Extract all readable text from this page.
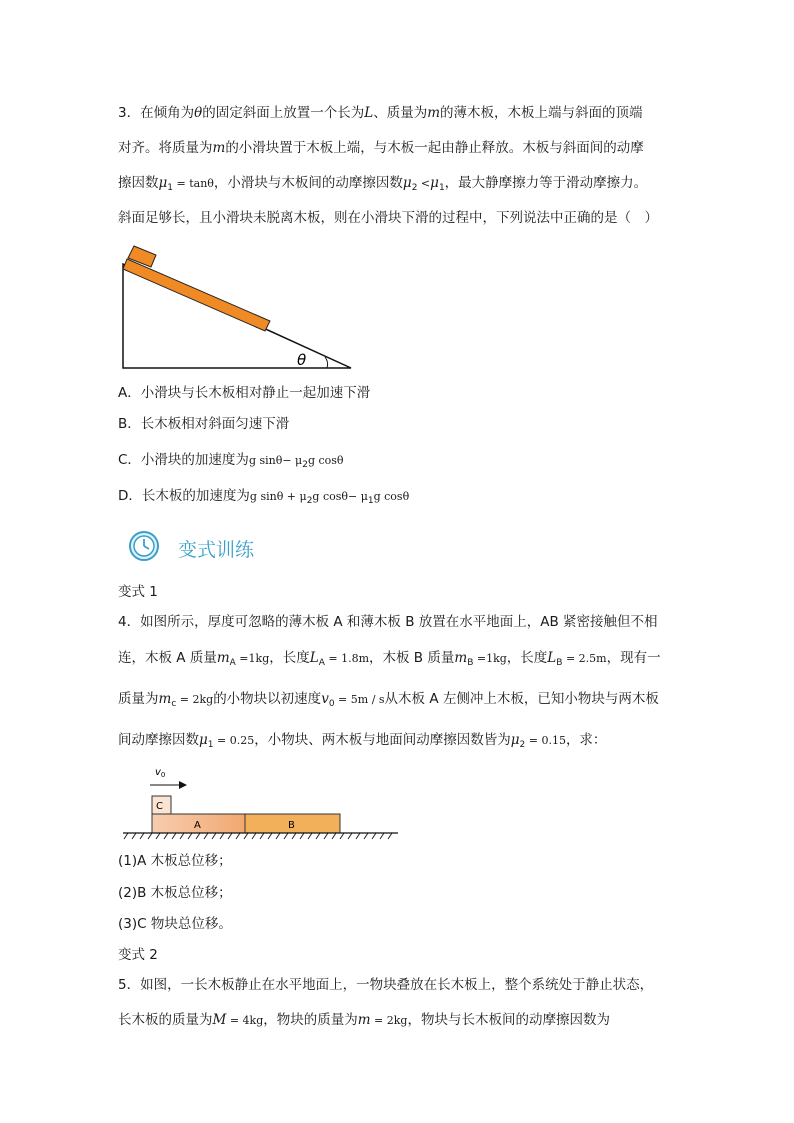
3．在倾角为θ的固定斜面上放置一个长为L、质量为m的薄木板，木板上端与斜面的顶端
对齐。将质量为m的小滑块置于木板上端，与木板一起由静止释放。木板与斜面间的动摩
擦因数$\mu_1 = \tan\theta$，小滑块与木板间的动摩擦因数$\mu_2 <\mu_1$，最大静摩擦力等于滑动摩擦力。
斜面足够长，且小滑块未脱离木板，则在小滑块下滑的过程中，下列说法中正确的是（　）
θ
A．小滑块与长木板相对静止一起加速下滑
B．长木板相对斜面匀速下滑
C．小滑块的加速度为g $\sin\theta- \mu_2g$ cosθ
D．长木板的加速度为g $\sin\theta + \mu_2g$ $\cos\theta- \mu_1g$ cosθ
变式训练
变式 1
4．如图所示，厚度可忽略的薄木板 A 和薄木板 B 放置在水平地面上，AB 紧密接触但不相
连，木板 A 质量$m_A =1kg$，长度$L_A = 1.8m$，木板 B 质量$m_B =1kg$，长度$L_B = 2.5m$，现有一
质量为$m_c = 2kg$的小物块以初速度$v_0 = 5m / s$从木板 A 左侧冲上木板，已知小物块与两木板
间动摩擦因数$\mu_1 = 0.25$，小物块、两木板与地面间动摩擦因数皆为$\mu_2 = 0.15$，求：
$v_0$
C
A	B
(1)A 木板总位移；
(2)B 木板总位移；
(3)C 物块总位移。
变式 2
5．如图，一长木板静止在水平地面上，一物块叠放在长木板上，整个系统处于静止状态，
长木板的质量为M = 4kg，物块的质量为m = 2kg，物块与长木板间的动摩擦因数为
